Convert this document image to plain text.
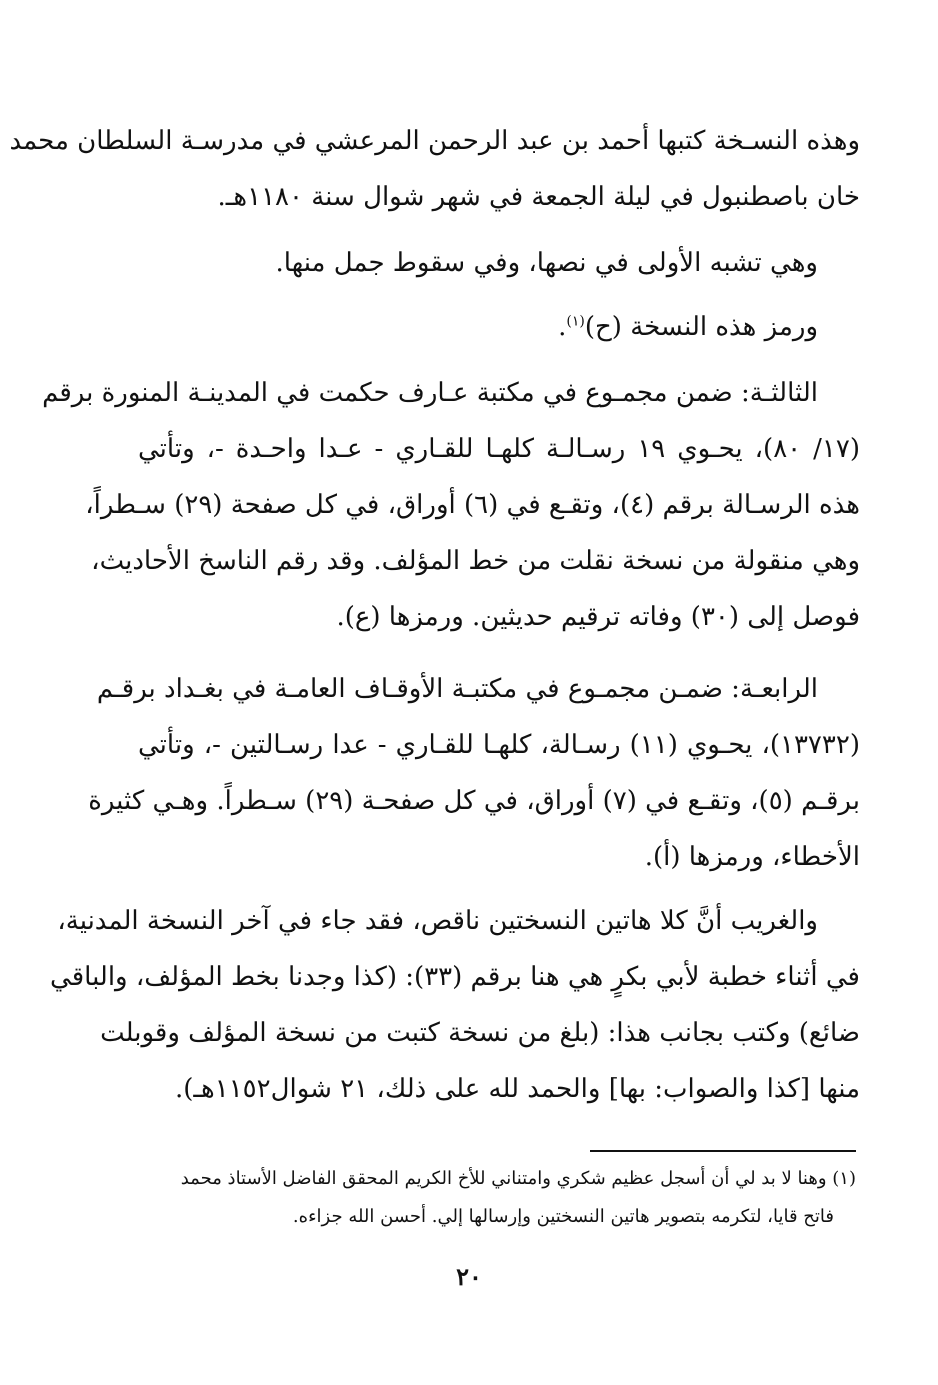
وهذه النسـخة كتبها أحمد بن عبد الرحمن المرعشي في مدرسـة السلطان محمد
خان باصطنبول في ليلة الجمعة في شهر شوال سنة ١١٨٠هـ.
وهي تشبه الأولى في نصها، وفي سقوط جمل منها.
ورمز هذه النسخة (ح)$^{(١)}$.
الثالثـة: ضمن مجمـوع في مكتبة عـارف حكمت في المدينـة المنورة برقم
(١٧/ ٨٠)، يحـوي ١٩ رسـالـة كلهـا للقـاري - عـدا واحـدة -، وتأتي
هذه الرسـالة برقم (٤)، وتقـع في (٦) أوراق، في كل صفحة (٢٩) سـطراً،
وهي منقولة من نسخة نقلت من خط المؤلف. وقد رقم الناسخ الأحاديث،
فوصل إلى (٣٠) وفاته ترقيم حديثين. ورمزها (ع).
الرابعـة: ضمـن مجمـوع في مكتبـة الأوقـاف العامـة في بغـداد برقـم
(١٣٧٣٢)، يحـوي (١١) رسـالة، كلهـا للقـاري - عدا رسـالتين -، وتأتي
برقـم (٥)، وتقـع في (٧) أوراق، في كل صفحـة (٢٩) سـطراً. وهـي كثيرة
الأخطاء، ورمزها (أ).
والغريب أنَّ كلا هاتين النسختين ناقص، فقد جاء في آخر النسخة المدنية،
في أثناء خطبة لأبي بكرٍ هي هنا برقم (٣٣): (كذا وجدنا بخط المؤلف، والباقي
ضائع) وكتب بجانب هذا: (بلغ من نسخة كتبت من نسخة المؤلف وقوبلت
منها [كذا والصواب: بها] والحمد لله على ذلك، ٢١ شوال١١٥٢هـ).
(١) وهنا لا بد لي أن أسجل عظيم شكري وامتناني للأخ الكريم المحقق الفاضل الأستاذ محمد
فاتح قايا، لتكرمه بتصوير هاتين النسختين وإرسالها إلي. أحسن الله جزاءه.
٢٠
